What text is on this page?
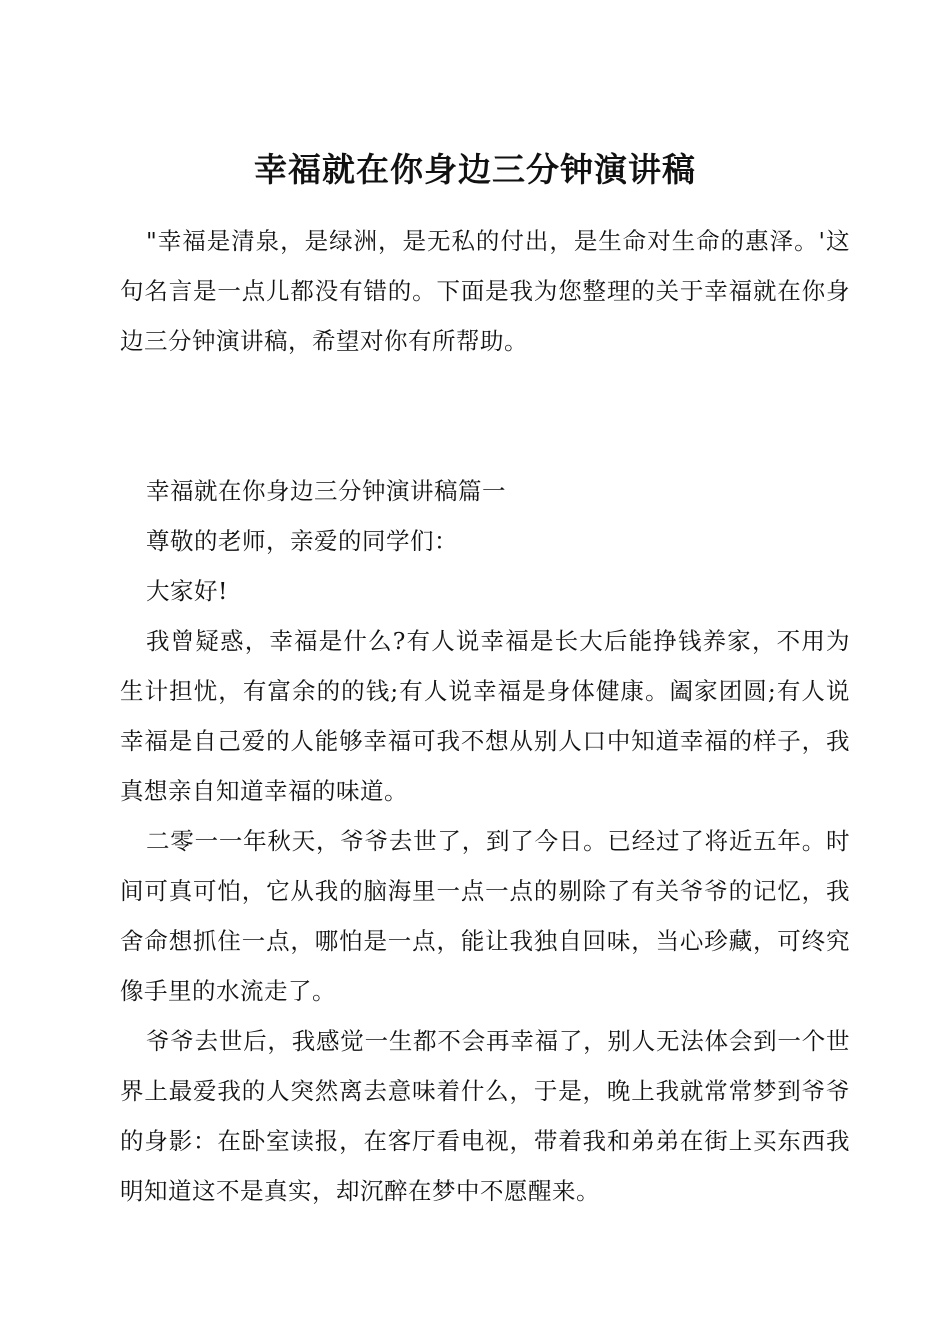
幸福就在你身边三分钟演讲稿

"幸福是清泉，是绿洲，是无私的付出，是生命对生命的惠泽。'这句名言是一点儿都没有错的。下面是我为您整理的关于幸福就在你身边三分钟演讲稿，希望对你有所帮助。

幸福就在你身边三分钟演讲稿篇一

尊敬的老师，亲爱的同学们：

大家好!

我曾疑惑，幸福是什么?有人说幸福是长大后能挣钱养家，不用为生计担忧，有富余的的钱;有人说幸福是身体健康。阖家团圆;有人说幸福是自己爱的人能够幸福可我不想从别人口中知道幸福的样子，我真想亲自知道幸福的味道。

二零一一年秋天，爷爷去世了，到了今日。已经过了将近五年。时间可真可怕，它从我的脑海里一点一点的剔除了有关爷爷的记忆，我舍命想抓住一点，哪怕是一点，能让我独自回味，当心珍藏，可终究像手里的水流走了。

爷爷去世后，我感觉一生都不会再幸福了，别人无法体会到一个世界上最爱我的人突然离去意味着什么，于是，晚上我就常常梦到爷爷的身影：在卧室读报，在客厅看电视，带着我和弟弟在街上买东西我明知道这不是真实，却沉醉在梦中不愿醒来。
